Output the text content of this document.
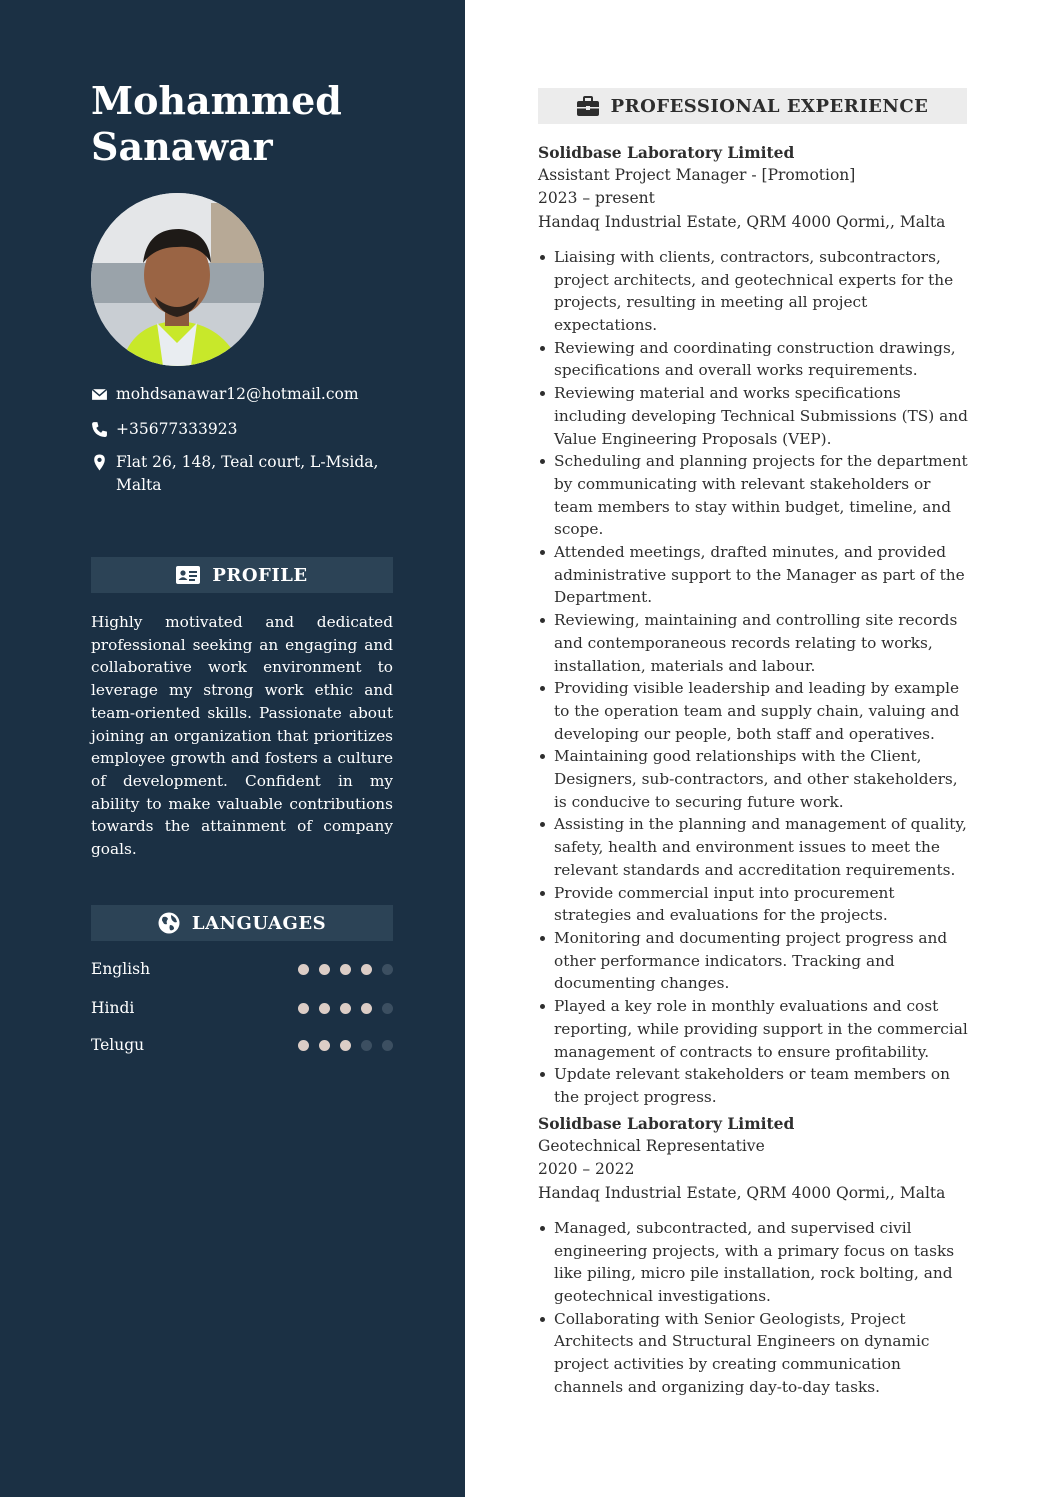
Mohammed
Sanawar
mohdsanawar12@hotmail.com
+35677333923
Flat 26, 148, Teal court, L-Msida, Malta
PROFILE

Highly motivated and dedicated professional seeking an engaging and collaborative work environment to leverage my strong work ethic and team-oriented skills. Passionate about joining an organization that prioritizes employee growth and fosters a culture of development. Confident in my ability to make valuable contributions towards the attainment of company goals.

LANGUAGES
English
Hindi
Telugu
PROFESSIONAL EXPERIENCE

Solidbase Laboratory Limited

Assistant Project Manager - [Promotion]

2023 – present

Handaq Industrial Estate, QRM 4000 Qormi,, Malta

Liaising with clients, contractors, subcontractors, project architects, and geotechnical experts for the projects, resulting in meeting all project expectations.
Reviewing and coordinating construction drawings, specifications and overall works requirements.
Reviewing material and works specifications including developing Technical Submissions (TS) and Value Engineering Proposals (VEP).
Scheduling and planning projects for the department by communicating with relevant stakeholders or team members to stay within budget, timeline, and scope.
Attended meetings, drafted minutes, and provided administrative support to the Manager as part of the Department.
Reviewing, maintaining and controlling site records and contemporaneous records relating to works, installation, materials and labour.
Providing visible leadership and leading by example to the operation team and supply chain, valuing and developing our people, both staff and operatives.
Maintaining good relationships with the Client, Designers, sub-contractors, and other stakeholders, is conducive to securing future work.
Assisting in the planning and management of quality, safety, health and environment issues to meet the relevant standards and accreditation requirements.
Provide commercial input into procurement strategies and evaluations for the projects.
Monitoring and documenting project progress and other performance indicators. Tracking and documenting changes.
Played a key role in monthly evaluations and cost reporting, while providing support in the commercial management of contracts to ensure profitability.
Update relevant stakeholders or team members on the project progress.

Solidbase Laboratory Limited

Geotechnical Representative

2020 – 2022

Handaq Industrial Estate, QRM 4000 Qormi,, Malta

Managed, subcontracted, and supervised civil engineering projects, with a primary focus on tasks like piling, micro pile installation, rock bolting, and geotechnical investigations.
Collaborating with Senior Geologists, Project Architects and Structural Engineers on dynamic project activities by creating communication channels and organizing day-to-day tasks.
